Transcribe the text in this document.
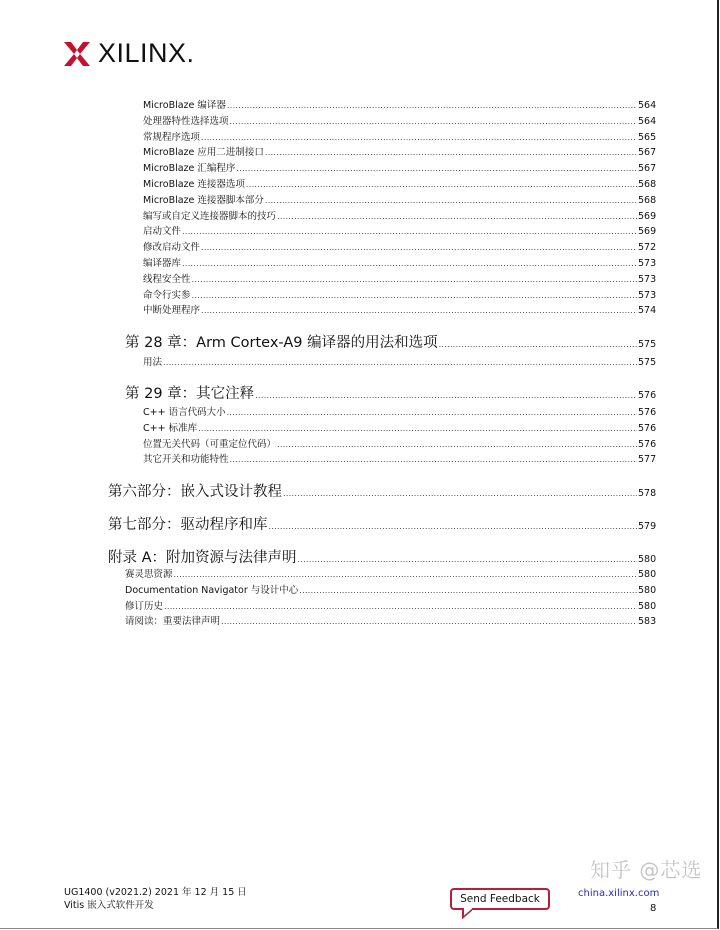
XILINX.
MicroBlaze 编译器 .....	564
处理器特性选择选项 .....	564
常规程序选项 .....	565
MicroBlaze 应用二进制接口 .....	567
MicroBlaze 汇编程序 .....	567
MicroBlaze 连接器选项 .....	568
MicroBlaze 连接器脚本部分 .....	568
编写或自定义连接器脚本的技巧 .....	569
启动文件 .....	569
修改启动文件 .....	572
编译器库 .....	573
线程安全性 .....	573
命令行实参 .....	573
中断处理程序 .....	574
第 28 章：Arm Cortex-A9 编译器的用法和选项 .....	575
用法 .....	575
第 29 章：其它注释 .....	576
C++ 语言代码大小 .....	576
C++ 标准库 .....	576
位置无关代码（可重定位代码） .....	576
其它开关和功能特性 .....	577
第六部分：嵌入式设计教程 .....	578
第七部分：驱动程序和库 .....	579
附录 A：附加资源与法律声明 .....	580
赛灵思资源 .....	580
Documentation Navigator 与设计中心 .....	580
修订历史 .....	580
请阅读：重要法律声明 .....	583
UG1400 (v2021.2) 2021 年 12 月 15 日
Vitis 嵌入式软件开发
Send Feedback
知乎 @芯选
china.xilinx.com
8
